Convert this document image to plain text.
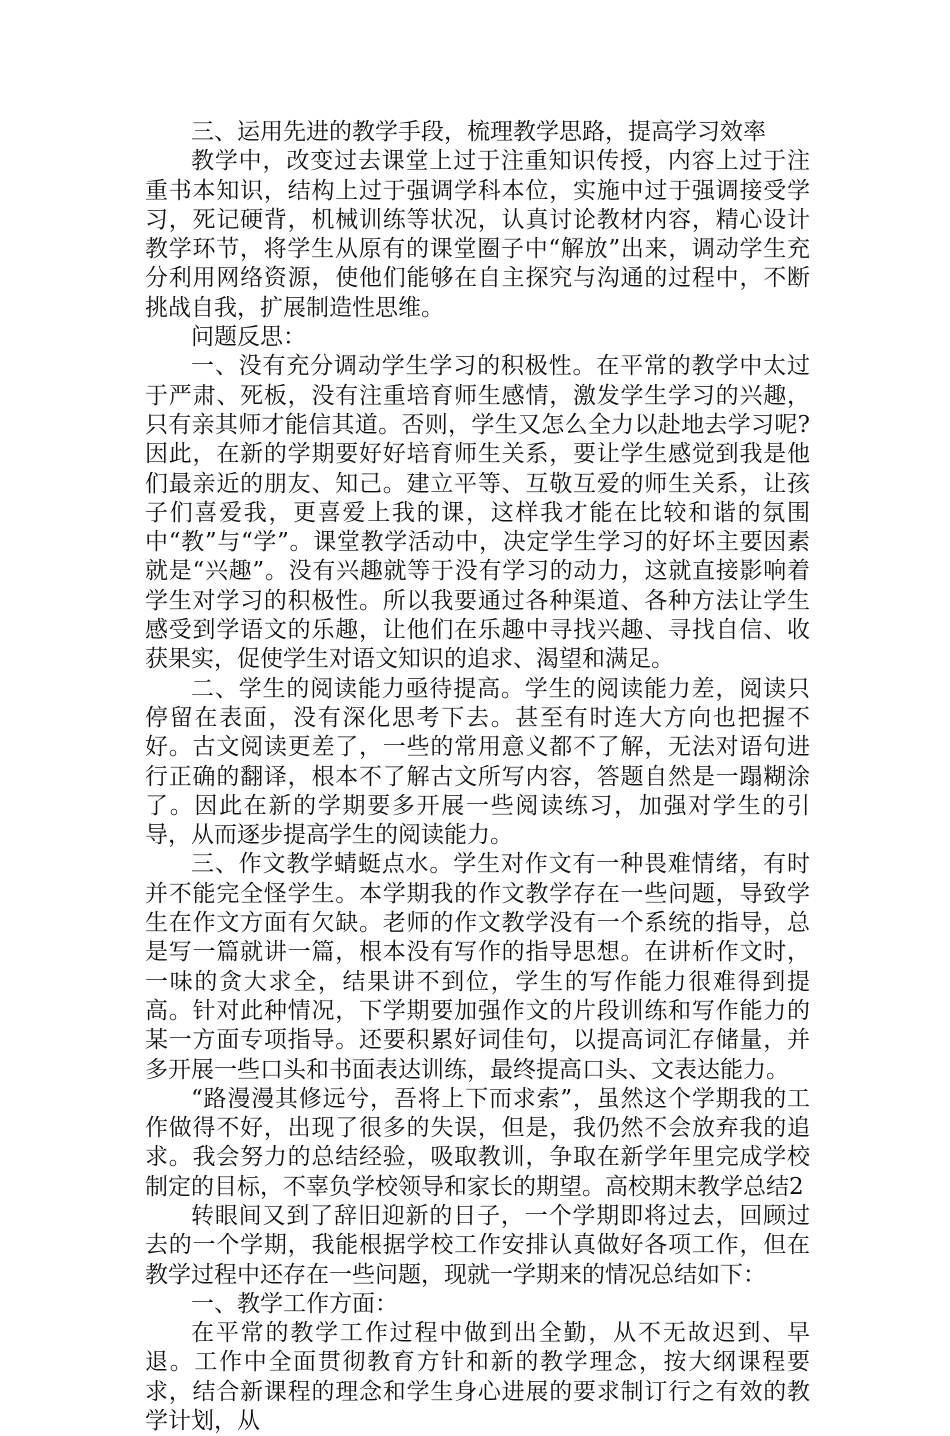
三、运用先进的教学手段，梳理教学思路，提高学习效率

教学中，改变过去课堂上过于注重知识传授，内容上过于注重书本知识，结构上过于强调学科本位，实施中过于强调接受学习，死记硬背，机械训练等状况，认真讨论教材内容，精心设计教学环节，将学生从原有的课堂圈子中“解放”出来，调动学生充分利用网络资源，使他们能够在自主探究与沟通的过程中，不断挑战自我，扩展制造性思维。

问题反思：

一、没有充分调动学生学习的积极性。在平常的教学中太过于严肃、死板，没有注重培育师生感情，激发学生学习的兴趣，只有亲其师才能信其道。否则，学生又怎么全力以赴地去学习呢?因此，在新的学期要好好培育师生关系，要让学生感觉到我是他们最亲近的朋友、知己。建立平等、互敬互爱的师生关系，让孩子们喜爱我，更喜爱上我的课，这样我才能在比较和谐的氛围中“教”与“学”。课堂教学活动中，决定学生学习的好坏主要因素就是“兴趣”。没有兴趣就等于没有学习的动力，这就直接影响着学生对学习的积极性。所以我要通过各种渠道、各种方法让学生感受到学语文的乐趣，让他们在乐趣中寻找兴趣、寻找自信、收获果实，促使学生对语文知识的追求、渴望和满足。

二、学生的阅读能力亟待提高。学生的阅读能力差，阅读只停留在表面，没有深化思考下去。甚至有时连大方向也把握不好。古文阅读更差了，一些的常用意义都不了解，无法对语句进行正确的翻译，根本不了解古文所写内容，答题自然是一蹋糊涂了。因此在新的学期要多开展一些阅读练习，加强对学生的引导，从而逐步提高学生的阅读能力。

三、作文教学蜻蜓点水。学生对作文有一种畏难情绪，有时并不能完全怪学生。本学期我的作文教学存在一些问题，导致学生在作文方面有欠缺。老师的作文教学没有一个系统的指导，总是写一篇就讲一篇，根本没有写作的指导思想。在讲析作文时，一味的贪大求全，结果讲不到位，学生的写作能力很难得到提高。针对此种情况，下学期要加强作文的片段训练和写作能力的某一方面专项指导。还要积累好词佳句，以提高词汇存储量，并多开展一些口头和书面表达训练，最终提高口头、文表达能力。

“路漫漫其修远兮，吾将上下而求索”，虽然这个学期我的工作做得不好，出现了很多的失误，但是，我仍然不会放弃我的追求。我会努力的总结经验，吸取教训，争取在新学年里完成学校制定的目标，不辜负学校领导和家长的期望。高校期末教学总结2

转眼间又到了辞旧迎新的日子，一个学期即将过去，回顾过去的一个学期，我能根据学校工作安排认真做好各项工作，但在教学过程中还存在一些问题，现就一学期来的情况总结如下：

一、教学工作方面：

在平常的教学工作过程中做到出全勤，从不无故迟到、早退。工作中全面贯彻教育方针和新的教学理念，按大纲课程要求，结合新课程的理念和学生身心进展的要求制订行之有效的教学计划，从
